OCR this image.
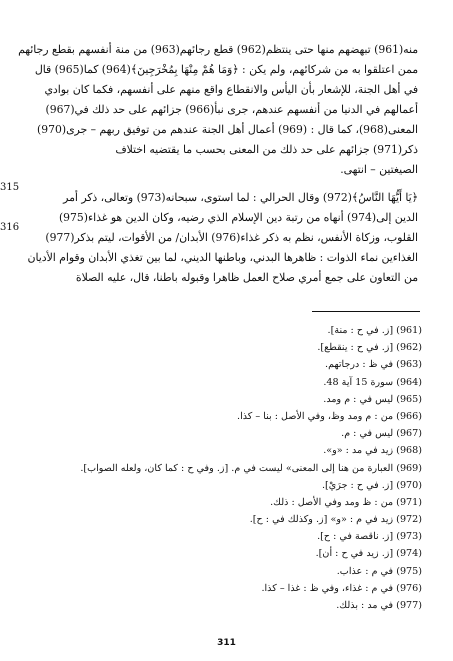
منه(961) تبهضهم منها حتى ينتظم(962) قطع رجائهم(963) من منة أنفسهم بقطع رجائهم
ممن اعتلقوا به من شركائهم، ولم يكن : ﴿وَمَا هُمْ مِنْهَا بِمُخْرَجِينَ﴾(964) كما(965) قال
في أهل الجنة، للإشعار بأن اليأس والانقطاع واقع منهم على أنفسهم، فكما كان بوادي
أعمالهم في الدنيا من أنفسهم عندهم، جرى نبأ(966) جزائهم على حد ذلك في(967)
المعنى(968)، كما قال : (969) أعمال أهل الجنة عندهم من توفيق ربهم – جرى(970)
ذكر(971) جزائهم على حد ذلك من المعنى بحسب ما يقتضيه اختلاف
الصيغتين – انتهى.
﴿يَا أَيُّهَا النَّاسُ﴾(972) وقال الحرالي : لما استوى، سبحانه(973) وتعالى، ذكر أمر
الدين إلى(974) أنهاه من رتبة دين الإسلام الذي رضيه، وكان الدين هو غذاء(975)
القلوب، وزكاة الأنفس، نظم به ذكر غذاء(976) الأبدان/ من الأقوات، ليتم بذكر(977)
الغذاءين نماء الذوات : ظاهرها البدني، وباطنها الديني، لما بين تغذي الأبدان وقوام الأديان
من التعاون على جمع أمري صلاح العمل ظاهرا وقبوله باطنا، قال، عليه الصلاة
315
316
(961) [ز. في ح : منة].
(962) [ز. في ح : ينقطع].
(963) في ظ : درجاتهم.
(964) سورة 15 آية 48.
(965) ليس في : م ومد.
(966) من : م ومد وظ، وفي الأصل : بنا – كذا.
(967) ليس في : م.
(968) زيد في مد : «و».
(969) العبارة من هنا إلى المعنى» ليست في م. [ز. وفي ح : كما كان، ولعله الصواب].
(970) [ز. في ح : جرَيْ].
(971) من : ظ ومد وفي الأصل : ذلك.
(972) زيد في م : «و» [ز. وكذلك في : ح].
(973) [ز. ناقصة في : ح].
(974) [ز. زيد في ح : أن].
(975) في م : عذاب.
(976) في م : غذاء، وفي ظ : غذا – كذا.
(977) في مد : بذلك.
311
